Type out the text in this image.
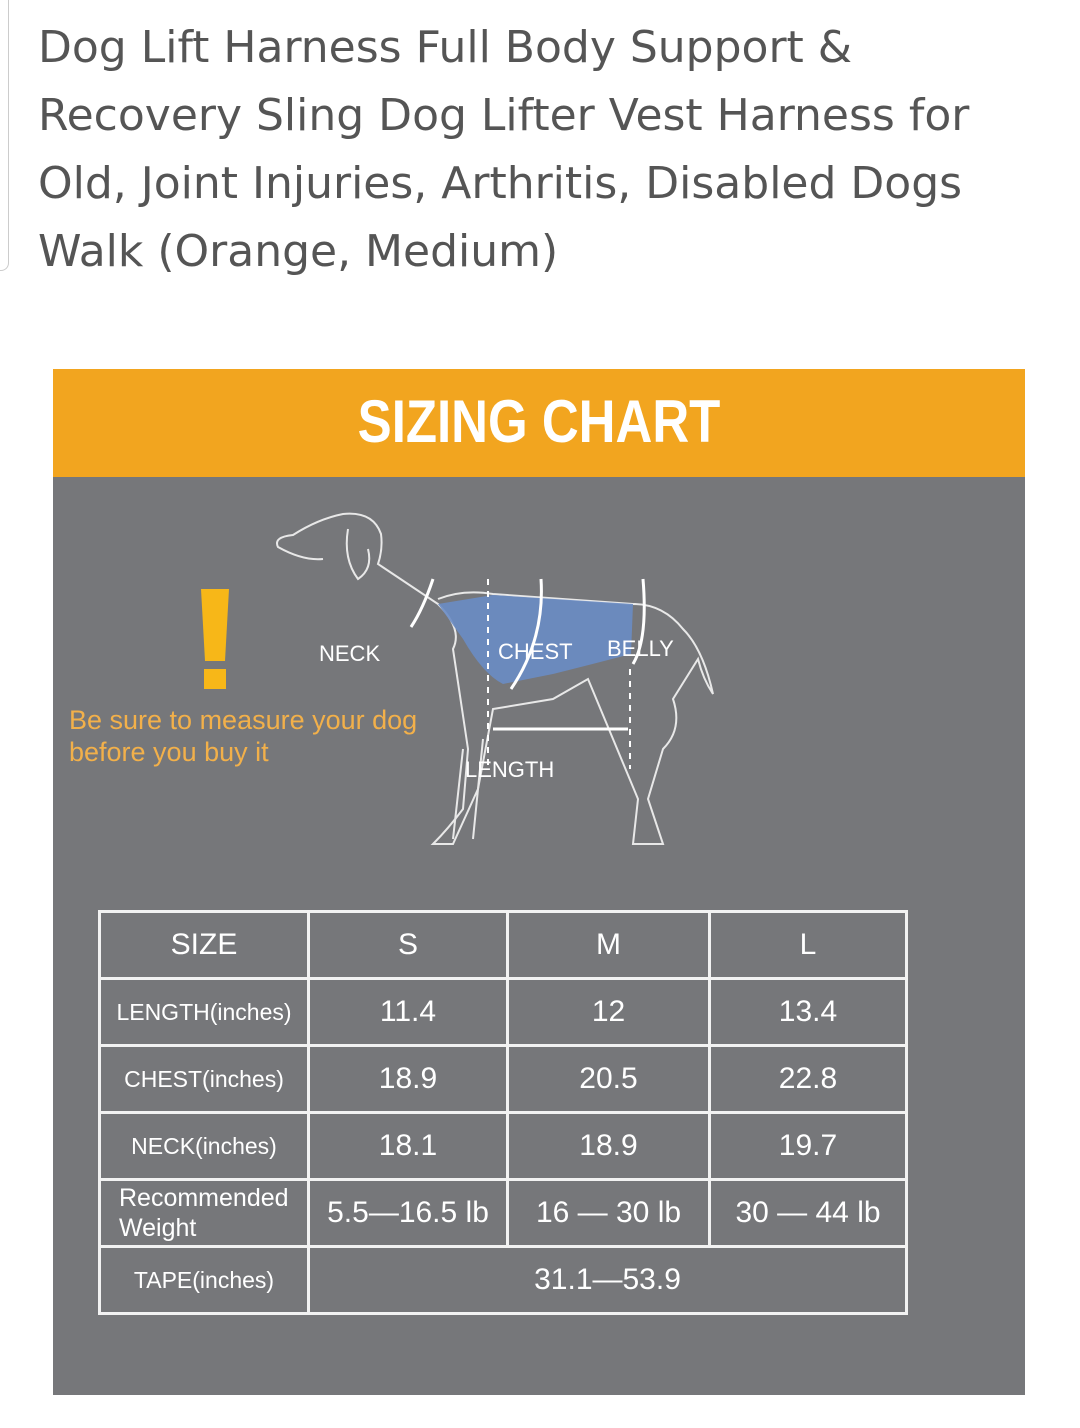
Dog Lift Harness Full Body Support & Recovery Sling Dog Lifter Vest Harness for Old, Joint Injuries, Arthritis, Disabled Dogs Walk (Orange, Medium)
SIZING CHART
Be sure to measure your dog
before you buy it
NECK	CHEST BELLY
LENGTH
SIZE	S	M	L
LENGTH(inches)	11.4	12	13.4
CHEST(inches)	18.9	20.5	22.8
NECK(inches)	18.1	18.9	19.7

Recommended
Weight	5.5—16.5 lb	16 — 30 lb	30 — 44 lb
TAPE(inches)	31.1—53.9		
